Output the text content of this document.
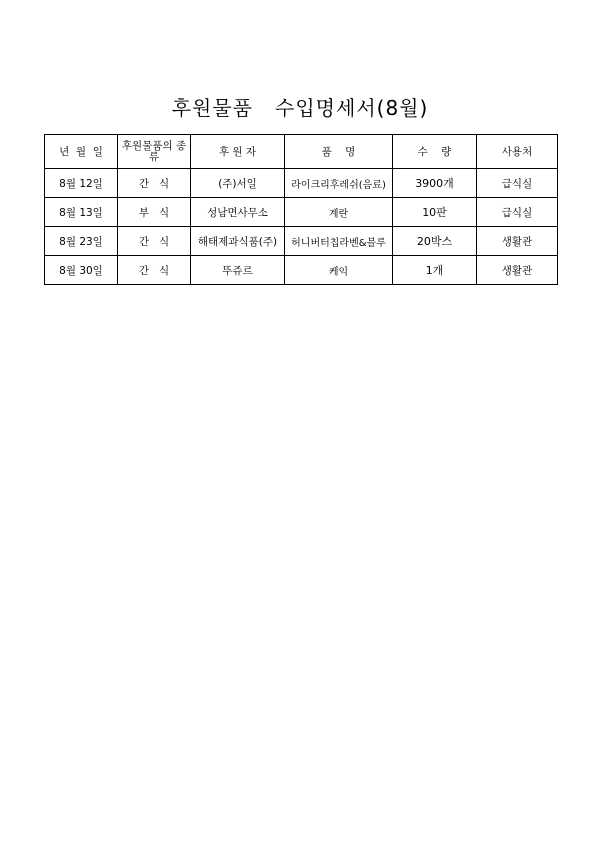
후원물품   수입명세서(8월)
년  월  일	후원물품의 종류	후 원 자	품    명	수    량	사용처
8월 12일	간   식	(주)서일	라이크리후레쉬(음료)	3900개	급식실
8월 13일	부   식	성남면사무소	계란	10판	급식실
8월 23일	간   식	해태제과식품(주)	허니버터칩라벤&블루	20박스	생활관
8월 30일	간   식	뚜쥬르	케익	1개	생활관
